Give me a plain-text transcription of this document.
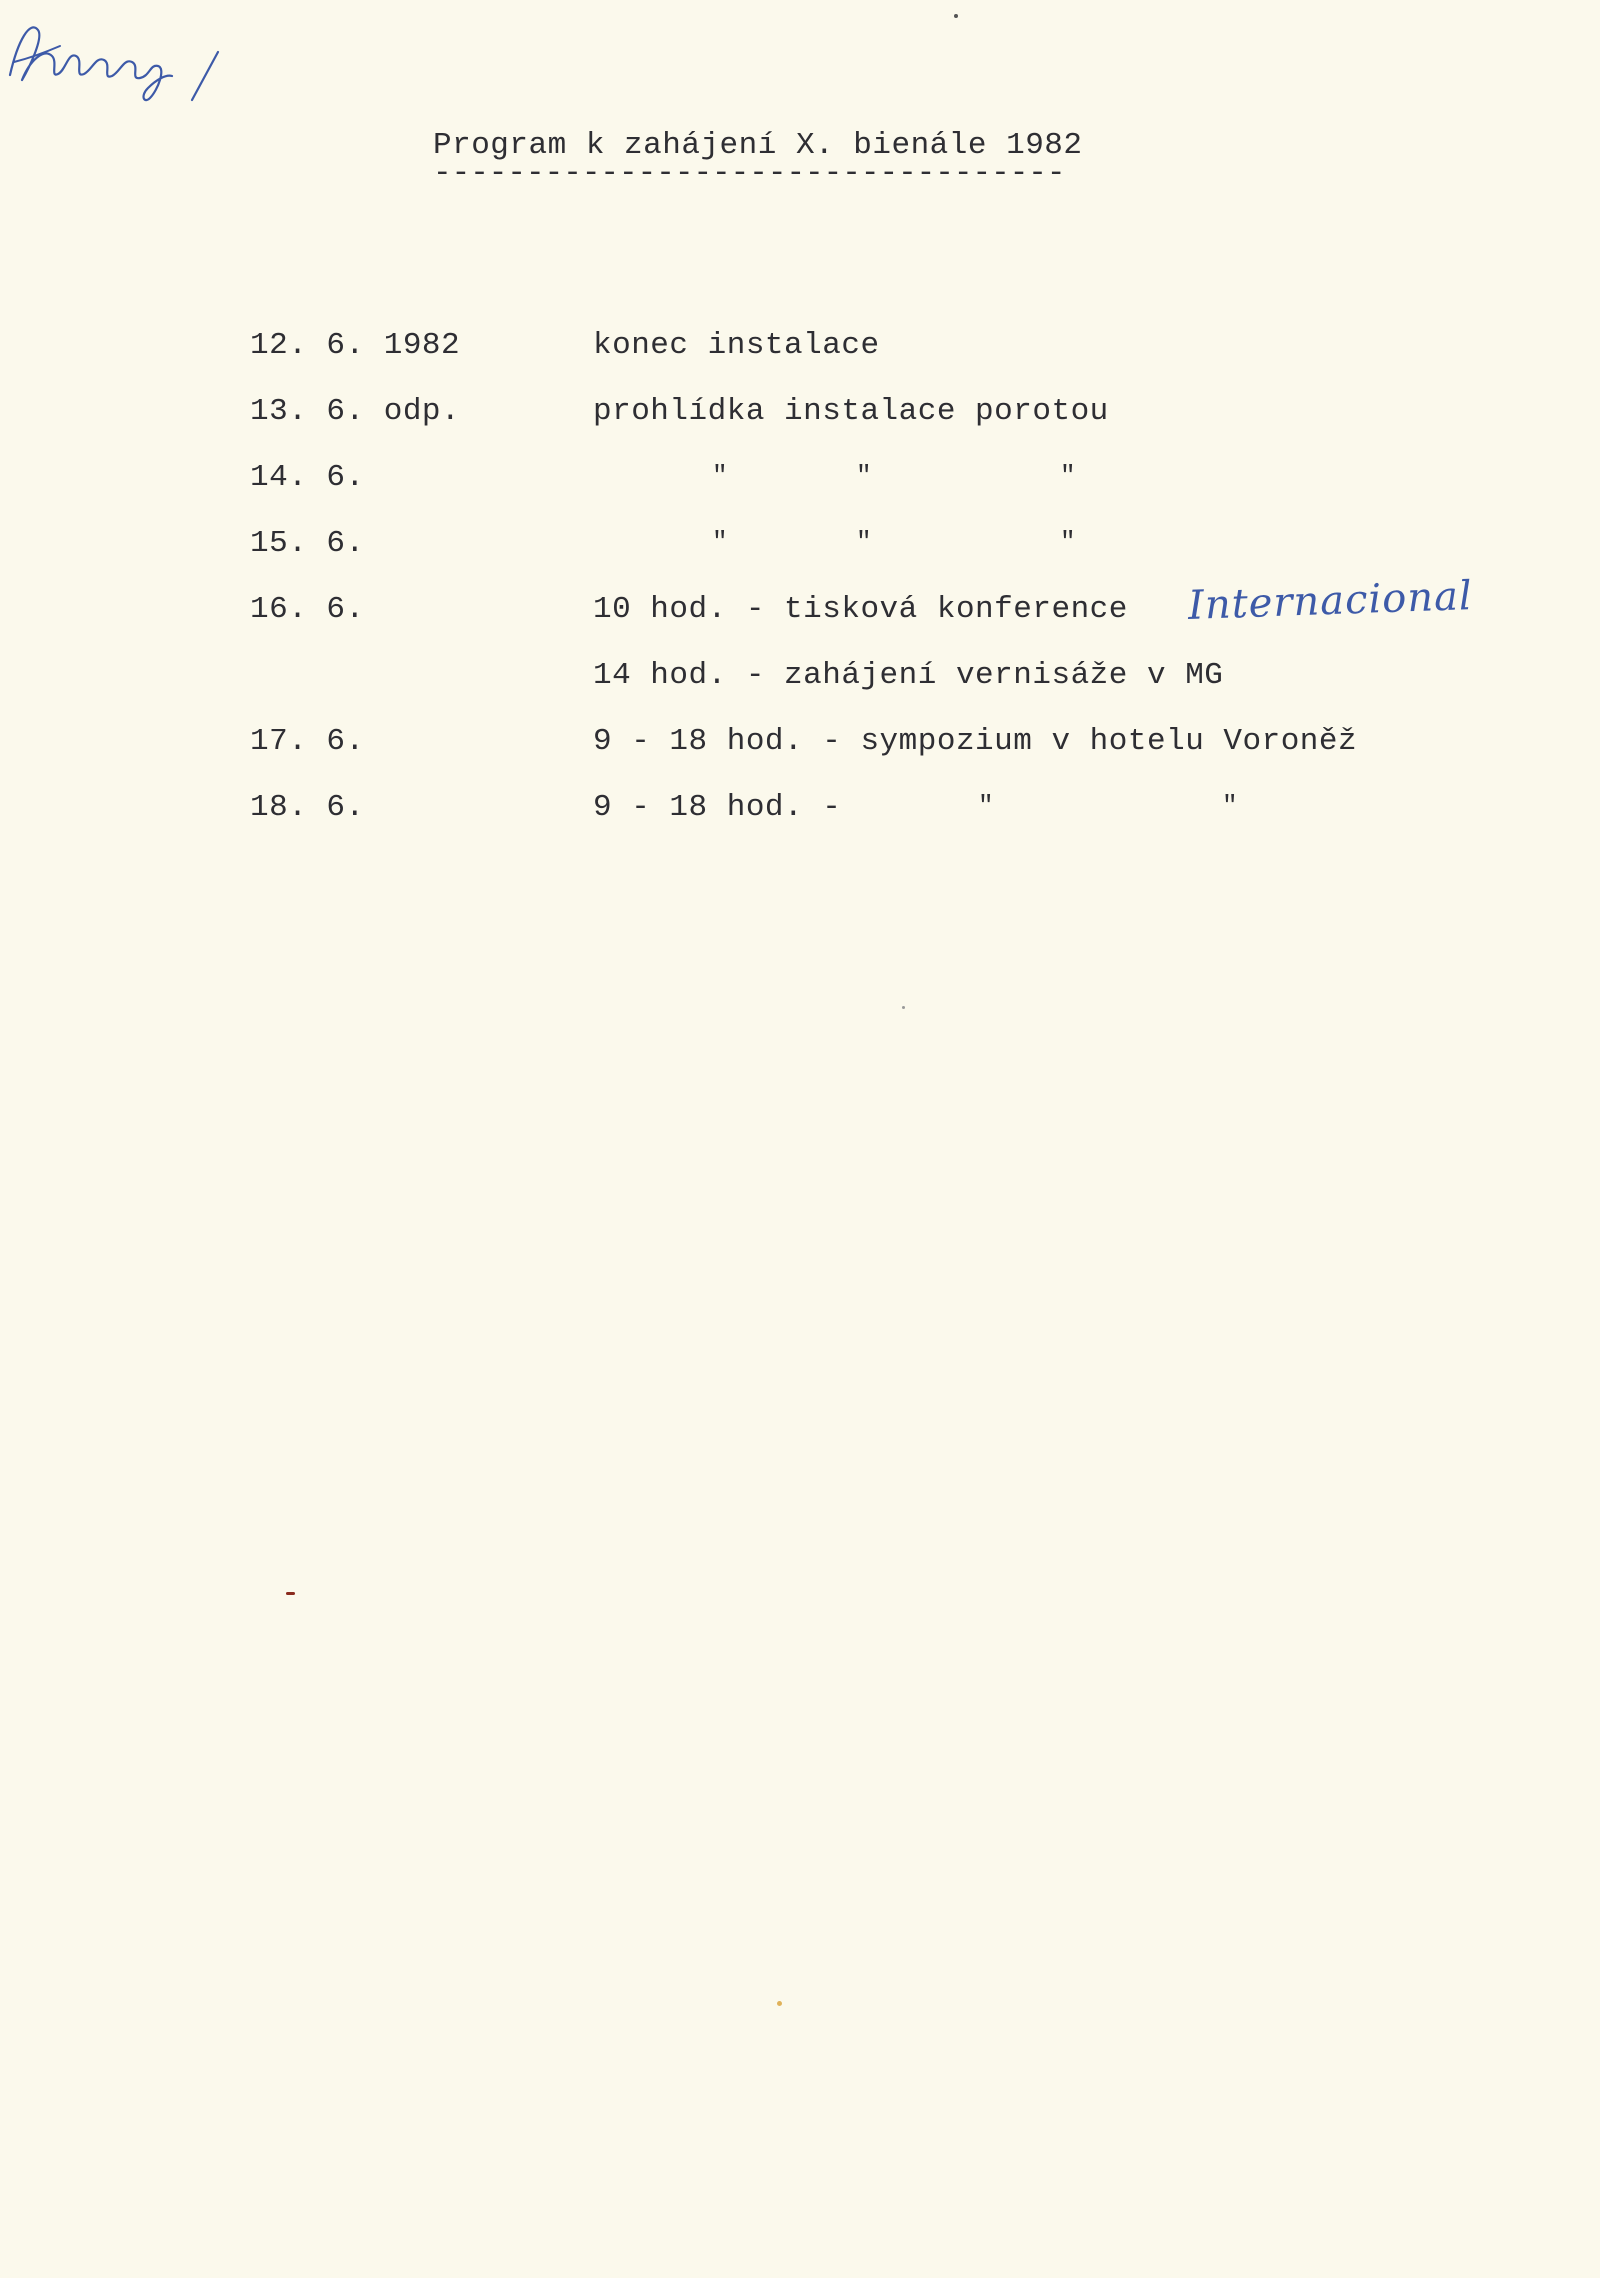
Program k zahájení X. bienále 1982
----------------------------------
12. 6. 1982	konec instalace
13. 6. odp.	prohlídka instalace porotou
14. 6.	"	"	"
15. 6.	"	"	"
16. 6.	10 hod. - tisková konference Internacional
14 hod. - zahájení vernisáže v MG
17. 6.	9 - 18 hod. - sympozium v hotelu Voroněž
18. 6.	9 - 18 hod. -	"	"
